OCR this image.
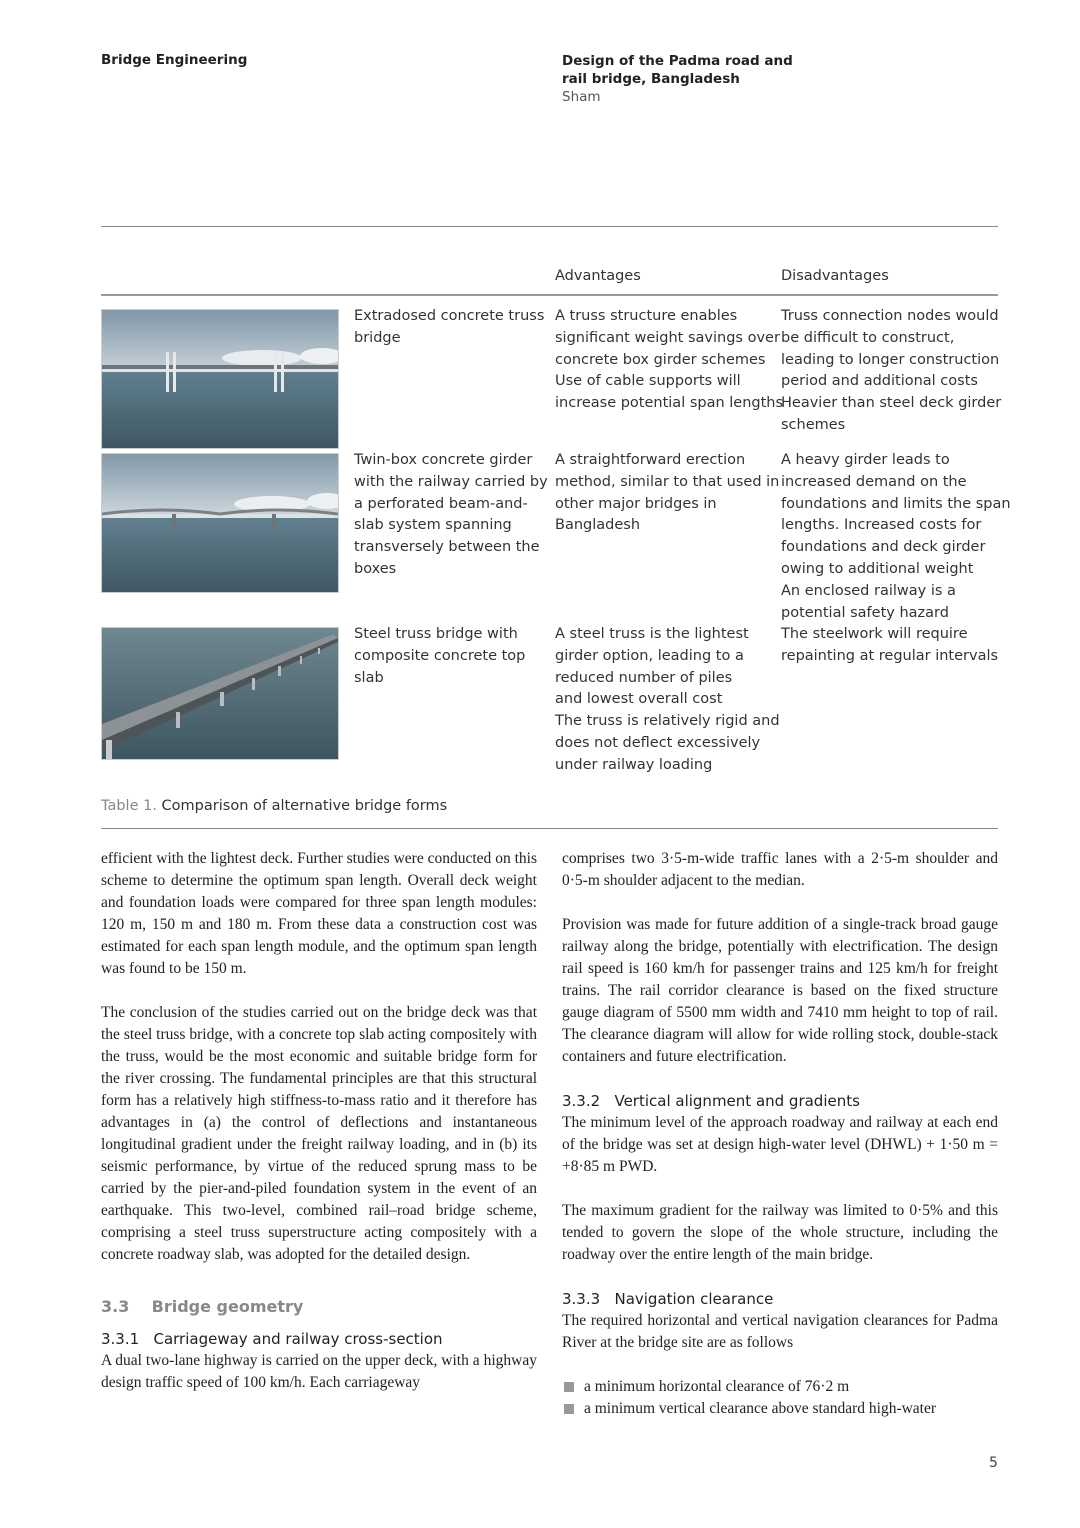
Bridge Engineering	Design of the Padma road and
rail bridge, Bangladesh
Sham
Advantages	Disadvantages
Extradosed concrete truss
bridge
A truss structure enables
significant weight savings over
concrete box girder schemes
Use of cable supports will
increase potential span lengths
Truss connection nodes would
be difficult to construct,
leading to longer construction
period and additional costs
Heavier than steel deck girder
schemes
Twin-box concrete girder
with the railway carried by
a perforated beam-and-
slab system spanning
transversely between the
boxes
A straightforward erection
method, similar to that used in
other major bridges in
Bangladesh
A heavy girder leads to
increased demand on the
foundations and limits the span
lengths. Increased costs for
foundations and deck girder
owing to additional weight
An enclosed railway is a
potential safety hazard
Steel truss bridge with
composite concrete top
slab
A steel truss is the lightest
girder option, leading to a
reduced number of piles
and lowest overall cost
The truss is relatively rigid and
does not deflect excessively
under railway loading
The steelwork will require
repainting at regular intervals
Table 1. Comparison of alternative bridge forms

efficient with the lightest deck. Further studies were conducted on this scheme to determine the optimum span length. Overall deck weight and foundation loads were compared for three span length modules: 120 m, 150 m and 180 m. From these data a construction cost was estimated for each span length module, and the optimum span length was found to be 150 m.

The conclusion of the studies carried out on the bridge deck was that the steel truss bridge, with a concrete top slab acting compositely with the truss, would be the most economic and suitable bridge form for the river crossing. The fundamental principles are that this structural form has a relatively high stiffness-to-mass ratio and it therefore has advantages in (a) the control of deflections and instantaneous longitudinal gradient under the freight railway loading, and in (b) its seismic performance, by virtue of the reduced sprung mass to be carried by the pier-and-piled foundation system in the event of an earthquake. This two-level, combined rail–road bridge scheme, comprising a steel truss superstructure acting compositely with a concrete roadway slab, was adopted for the detailed design.

3.3 Bridge geometry
3.3.1   Carriageway and railway cross-section

A dual two-lane highway is carried on the upper deck, with a highway design traffic speed of 100 km/h. Each carriageway

comprises two 3·5-m-wide traffic lanes with a 2·5-m shoulder and 0·5-m shoulder adjacent to the median.

Provision was made for future addition of a single-track broad gauge railway along the bridge, potentially with electrification. The design rail speed is 160 km/h for passenger trains and 125 km/h for freight trains. The rail corridor clearance is based on the fixed structure gauge diagram of 5500 mm width and 7410 mm height to top of rail. The clearance diagram will allow for wide rolling stock, double-stack containers and future electrification.

3.3.2   Vertical alignment and gradients

The minimum level of the approach roadway and railway at each end of the bridge was set at design high-water level (DHWL) + 1·50 m = +8·85 m PWD.

The maximum gradient for the railway was limited to 0·5% and this tended to govern the slope of the whole structure, including the roadway over the entire length of the main bridge.

3.3.3   Navigation clearance

The required horizontal and vertical navigation clearances for Padma River at the bridge site are as follows

a minimum horizontal clearance of 76·2 m
a minimum vertical clearance above standard high-water
5
